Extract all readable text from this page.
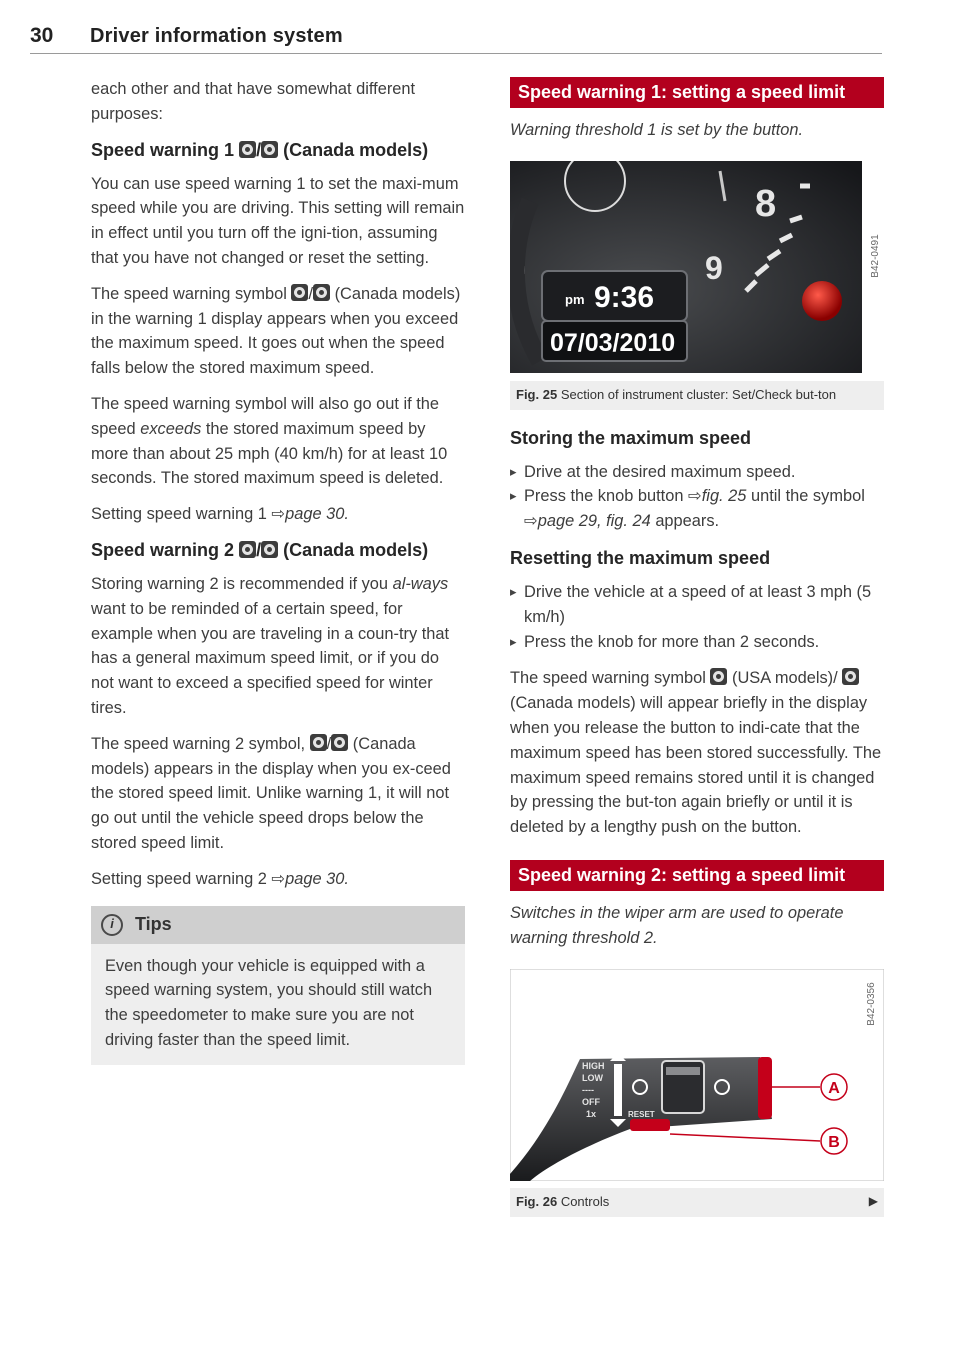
30 Driver information system

each other and that have somewhat different purposes:

Speed warning 1 / (Canada models)

You can use speed warning 1 to set the maxi-mum speed while you are driving. This setting will remain in effect until you turn off the igni-tion, assuming that you have not changed or reset the setting.

The speed warning symbol / (Canada models) in the warning 1 display appears when you exceed the maximum speed. It goes out when the speed falls below the stored maximum speed.

The speed warning symbol will also go out if the speed exceeds the stored maximum speed by more than about 25 mph (40 km/h) for at least 10 seconds. The stored maximum speed is deleted.

Setting speed warning 1 ⇨page 30.

Speed warning 2 / (Canada models)

Storing warning 2 is recommended if you al-ways want to be reminded of a certain speed, for example when you are traveling in a coun-try that has a general maximum speed limit, or if you do not want to exceed a specified speed for winter tires.

The speed warning 2 symbol, / (Canada models) appears in the display when you ex-ceed the stored speed limit. Unlike warning 1, it will not go out until the vehicle speed drops below the stored speed limit.

Setting speed warning 2 ⇨page 30.

i	Tips
Even though your vehicle is equipped with a speed warning system, you should still watch the speedometer to make sure you are not driving faster than the speed limit.
Speed warning 1: setting a speed limit

Warning threshold 1 is set by the button.

8
9
pm 9:36
07/03/2010
B42-0491
Fig. 25 Section of instrument cluster: Set/Check but-ton
Storing the maximum speed
▸ Drive at the desired maximum speed.
▸ Press the knob button ⇨fig. 25 until the symbol ⇨page 29, fig. 24 appears.
Resetting the maximum speed
▸ Drive the vehicle at a speed of at least 3 mph (5 km/h)
▸ Press the knob for more than 2 seconds.

The speed warning symbol (USA models)/  (Canada models) will appear briefly in the display when you release the button to indi-cate that the maximum speed has been stored successfully. The maximum speed remains stored until it is changed by pressing the but-ton again briefly or until it is deleted by a lengthy push on the button.

Speed warning 2: setting a speed limit

Switches in the wiper arm are used to operate warning threshold 2.

HIGH
LOW
----
OFF
1x	RESET
A
B
B42-0356
Fig. 26 Controls	▶
